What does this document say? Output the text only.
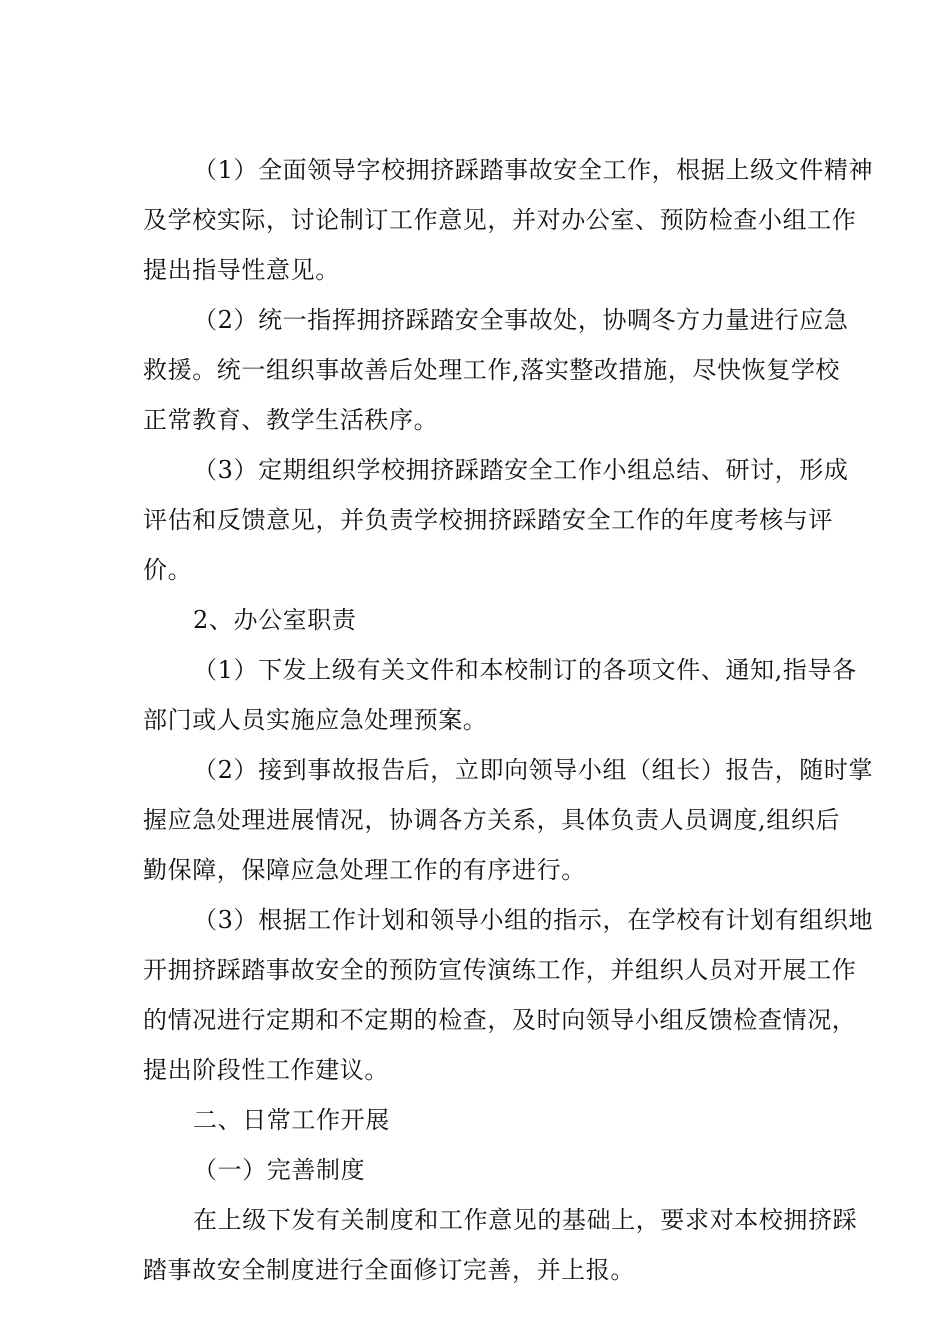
（1）全面领导字校拥挤踩踏事故安全工作，根据上级文件精神
及学校实际，讨论制订工作意见，并对办公室、预防检查小组工作
提出指导性意见。
（2）统一指挥拥挤踩踏安全事故处，协啁冬方力量进行应急
救援。统一组织事故善后处理工作,落实整改措施，尽快恢复学校
正常教育、教学生活秩序。
（3）定期组织学校拥挤踩踏安全工作小组总结、研讨，形成
评估和反馈意见，并负责学校拥挤踩踏安全工作的年度考核与评
价。
2、办公室职责
（1）下发上级有关文件和本校制订的各项文件、通知,指导各
部门或人员实施应急处理预案。
（2）接到事故报告后，立即向领导小组（组长）报告，随时掌
握应急处理进展情况，协调各方关系，具体负责人员调度,组织后
勤保障，保障应急处理工作的有序进行。
（3）根据工作计划和领导小组的指示，在学校有计划有组织地
开拥挤踩踏事故安全的预防宣传演练工作，并组织人员对开展工作
的情况进行定期和不定期的检查，及时向领导小组反馈检查情况，
提出阶段性工作建议。
二、日常工作开展
（一）完善制度
在上级下发有关制度和工作意见的基础上，要求对本校拥挤踩
踏事故安全制度进行全面修订完善，并上报。
